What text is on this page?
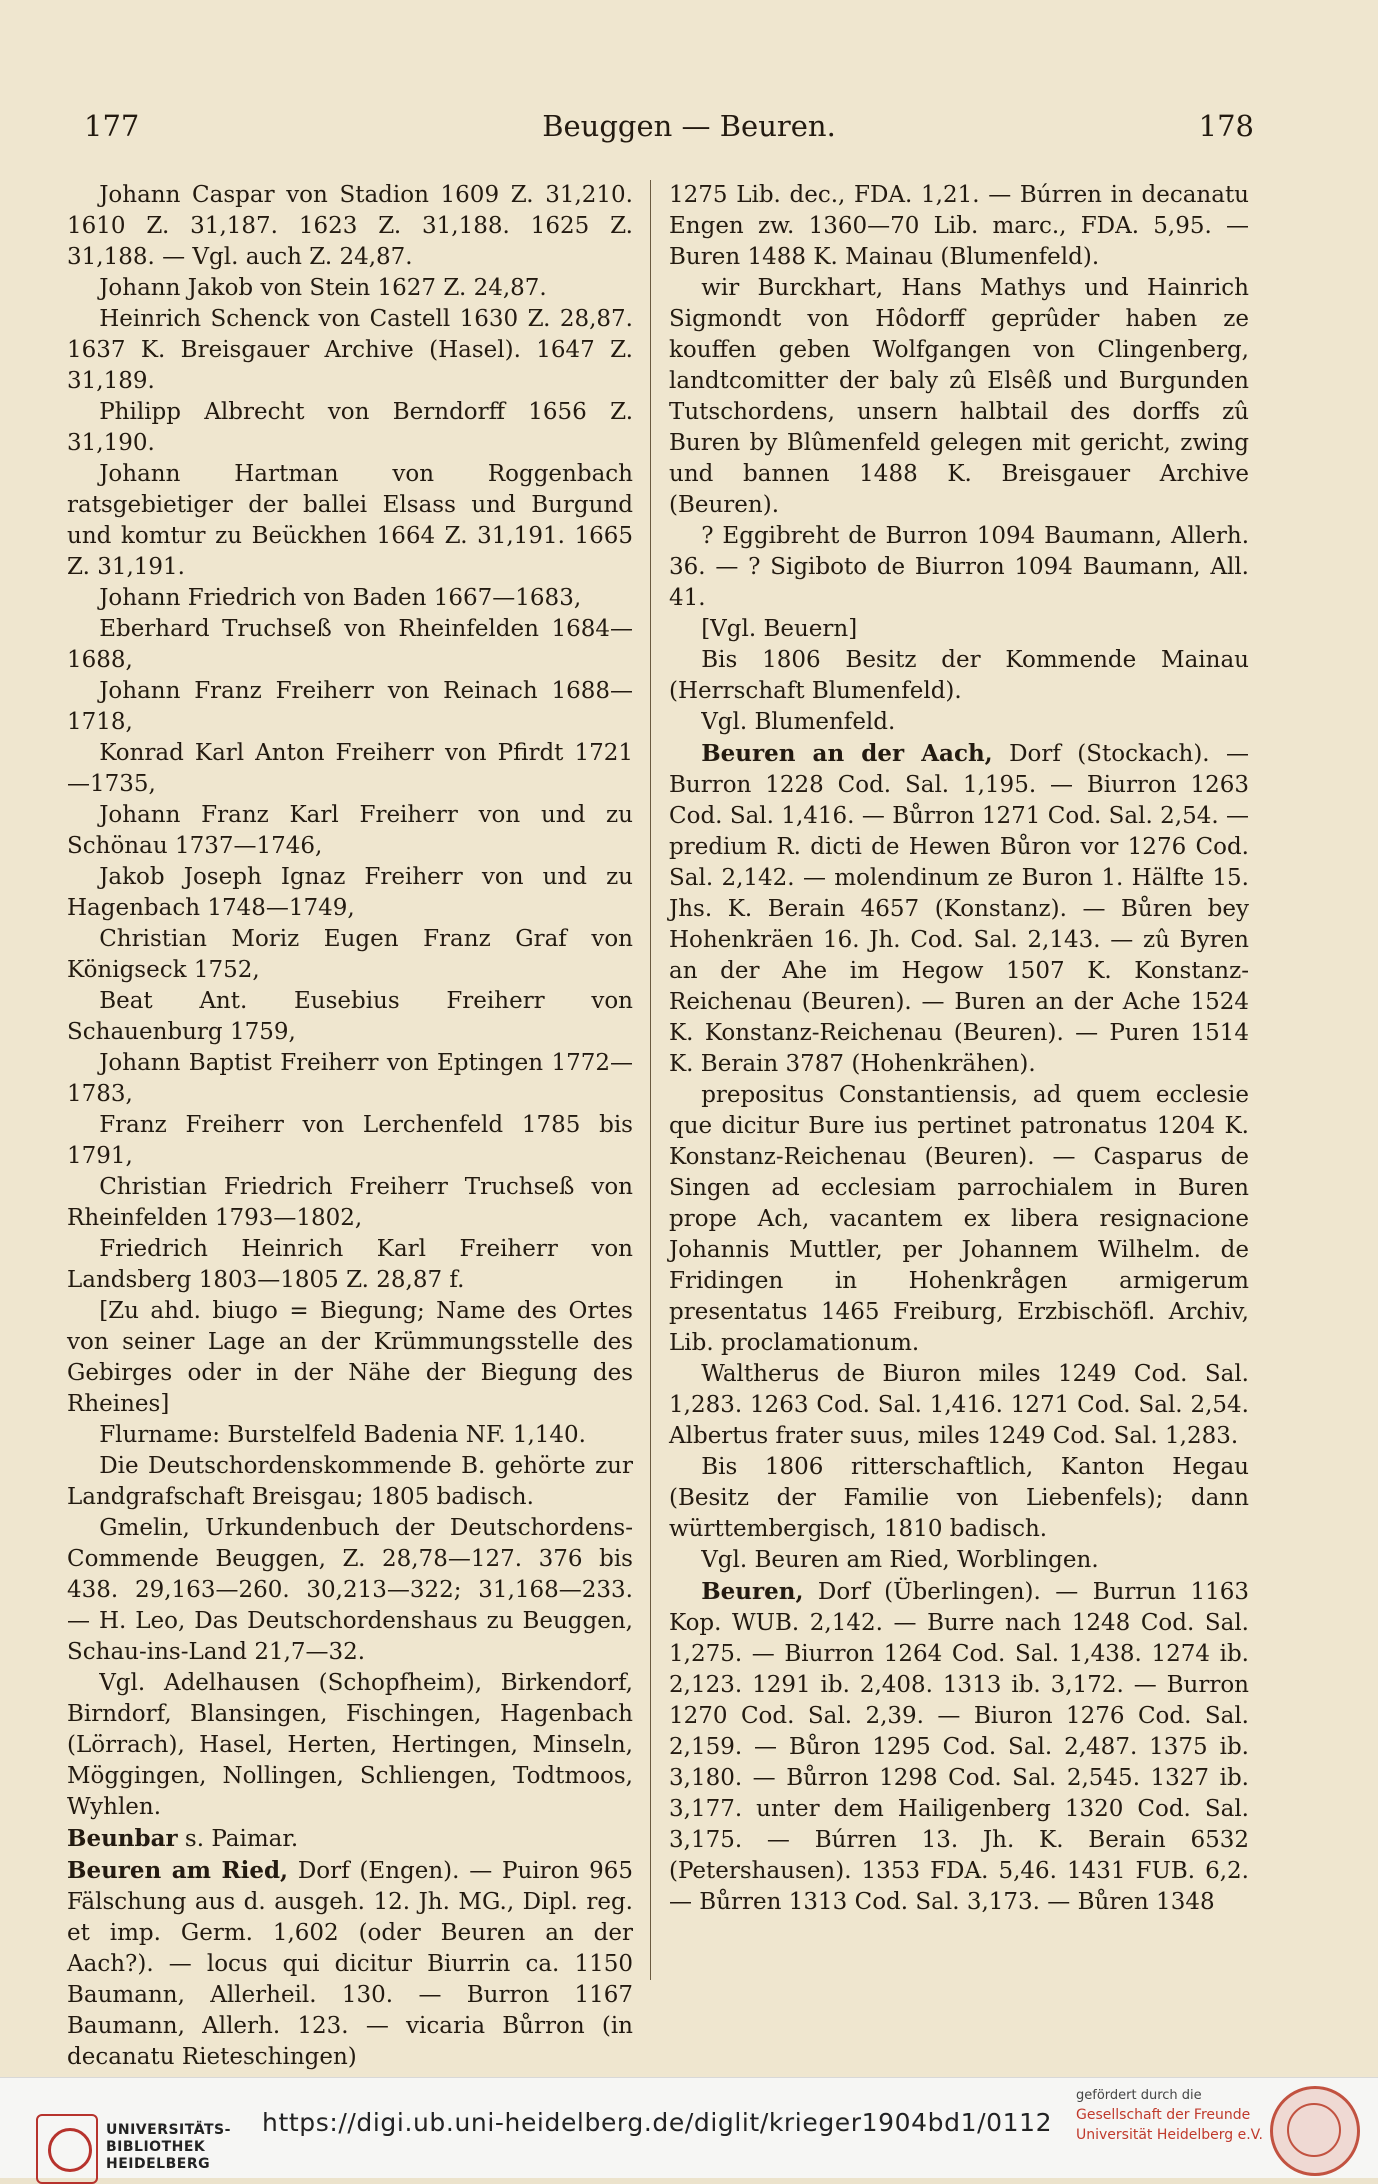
177	Beuggen — Beuren.	178

Johann Caspar von Stadion 1609 Z. 31,210. 1610 Z. 31,187. 1623 Z. 31,188. 1625 Z. 31,188. — Vgl. auch Z. 24,87.

Johann Jakob von Stein 1627 Z. 24,87.

Heinrich Schenck von Castell 1630 Z. 28,87. 1637 K. Breisgauer Archive (Hasel). 1647 Z. 31,189.

Philipp Albrecht von Berndorff 1656 Z. 31,190.

Johann Hartman von Roggenbach ratsgebietiger der ballei Elsass und Burgund und komtur zu Beückhen 1664 Z. 31,191. 1665 Z. 31,191.

Johann Friedrich von Baden 1667—1683,

Eberhard Truchseß von Rheinfelden 1684—1688,

Johann Franz Freiherr von Reinach 1688—1718,

Konrad Karl Anton Freiherr von Pfirdt 1721—1735,

Johann Franz Karl Freiherr von und zu Schönau 1737—1746,

Jakob Joseph Ignaz Freiherr von und zu Hagenbach 1748—1749,

Christian Moriz Eugen Franz Graf von Königseck 1752,

Beat Ant. Eusebius Freiherr von Schauenburg 1759,

Johann Baptist Freiherr von Eptingen 1772—1783,

Franz Freiherr von Lerchenfeld 1785 bis 1791,

Christian Friedrich Freiherr Truchseß von Rheinfelden 1793—1802,

Friedrich Heinrich Karl Freiherr von Landsberg 1803—1805 Z. 28,87 f.

[Zu ahd. biugo = Biegung; Name des Ortes von seiner Lage an der Krümmungsstelle des Gebirges oder in der Nähe der Biegung des Rheines]

Flurname: Burstelfeld Badenia NF. 1,140.

Die Deutschordenskommende B. gehörte zur Landgrafschaft Breisgau; 1805 badisch.

Gmelin, Urkundenbuch der Deutschordens-Commende Beuggen, Z. 28,78—127. 376 bis 438. 29,163—260. 30,213—322; 31,168—233. — H. Leo, Das Deutschordenshaus zu Beuggen, Schau-ins-Land 21,7—32.

Vgl. Adelhausen (Schopfheim), Birkendorf, Birndorf, Blansingen, Fischingen, Hagenbach (Lörrach), Hasel, Herten, Hertingen, Minseln, Möggingen, Nollingen, Schliengen, Todtmoos, Wyhlen.

Beunbar s. Paimar.

Beuren am Ried, Dorf (Engen). — Puiron 965 Fälschung aus d. ausgeh. 12. Jh. MG., Dipl. reg. et imp. Germ. 1,602 (oder Beuren an der Aach?). — locus qui dicitur Biurrin ca. 1150 Baumann, Allerheil. 130. — Burron 1167 Baumann, Allerh. 123. — vicaria Bůrron (in decanatu Rieteschingen)

1275 Lib. dec., FDA. 1,21. — Búrren in decanatu Engen zw. 1360—70 Lib. marc., FDA. 5,95. — Buren 1488 K. Mainau (Blumenfeld).

wir Burckhart, Hans Mathys und Hainrich Sigmondt von Hôdorff geprûder haben ze kouffen geben Wolfgangen von Clingenberg, landtcomitter der baly zû Elsêß und Burgunden Tutschordens, unsern halbtail des dorffs zû Buren by Blûmenfeld gelegen mit gericht, zwing und bannen 1488 K. Breisgauer Archive (Beuren).

? Eggibreht de Burron 1094 Baumann, Allerh. 36. — ? Sigiboto de Biurron 1094 Baumann, All. 41.

[Vgl. Beuern]

Bis 1806 Besitz der Kommende Mainau (Herrschaft Blumenfeld).

Vgl. Blumenfeld.

Beuren an der Aach, Dorf (Stockach). — Burron 1228 Cod. Sal. 1,195. — Biurron 1263 Cod. Sal. 1,416. — Bůrron 1271 Cod. Sal. 2,54. — predium R. dicti de Hewen Bůron vor 1276 Cod. Sal. 2,142. — molendinum ze Buron 1. Hälfte 15. Jhs. K. Berain 4657 (Konstanz). — Bůren bey Hohenkräen 16. Jh. Cod. Sal. 2,143. — zû Byren an der Ahe im Hegow 1507 K. Konstanz-Reichenau (Beuren). — Buren an der Ache 1524 K. Konstanz-Reichenau (Beuren). — Puren 1514 K. Berain 3787 (Hohenkrähen).

prepositus Constantiensis, ad quem ecclesie que dicitur Bure ius pertinet patronatus 1204 K. Konstanz-Reichenau (Beuren). — Casparus de Singen ad ecclesiam parrochialem in Buren prope Ach, vacantem ex libera resignacione Johannis Muttler, per Johannem Wilhelm. de Fridingen in Hohenkrågen armigerum presentatus 1465 Freiburg, Erzbischöfl. Archiv, Lib. proclamationum.

Waltherus de Biuron miles 1249 Cod. Sal. 1,283. 1263 Cod. Sal. 1,416. 1271 Cod. Sal. 2,54. Albertus frater suus, miles 1249 Cod. Sal. 1,283.

Bis 1806 ritterschaftlich, Kanton Hegau (Besitz der Familie von Liebenfels); dann württembergisch, 1810 badisch.

Vgl. Beuren am Ried, Worblingen.

Beuren, Dorf (Überlingen). — Burrun 1163 Kop. WUB. 2,142. — Burre nach 1248 Cod. Sal. 1,275. — Biurron 1264 Cod. Sal. 1,438. 1274 ib. 2,123. 1291 ib. 2,408. 1313 ib. 3,172. — Burron 1270 Cod. Sal. 2,39. — Biuron 1276 Cod. Sal. 2,159. — Bůron 1295 Cod. Sal. 2,487. 1375 ib. 3,180. — Bůrron 1298 Cod. Sal. 2,545. 1327 ib. 3,177. unter dem Hailigenberg 1320 Cod. Sal. 3,175. — Búrren 13. Jh. K. Berain 6532 (Petershausen). 1353 FDA. 5,46. 1431 FUB. 6,2. — Bůrren 1313 Cod. Sal. 3,173. — Bůren 1348

UNIVERSITÄTS-BIBLIOTHEK HEIDELBERG
https://digi.ub.uni-heidelberg.de/diglit/krieger1904bd1/0112
gefördert durch die
Gesellschaft der Freunde Universität Heidelberg e.V.
